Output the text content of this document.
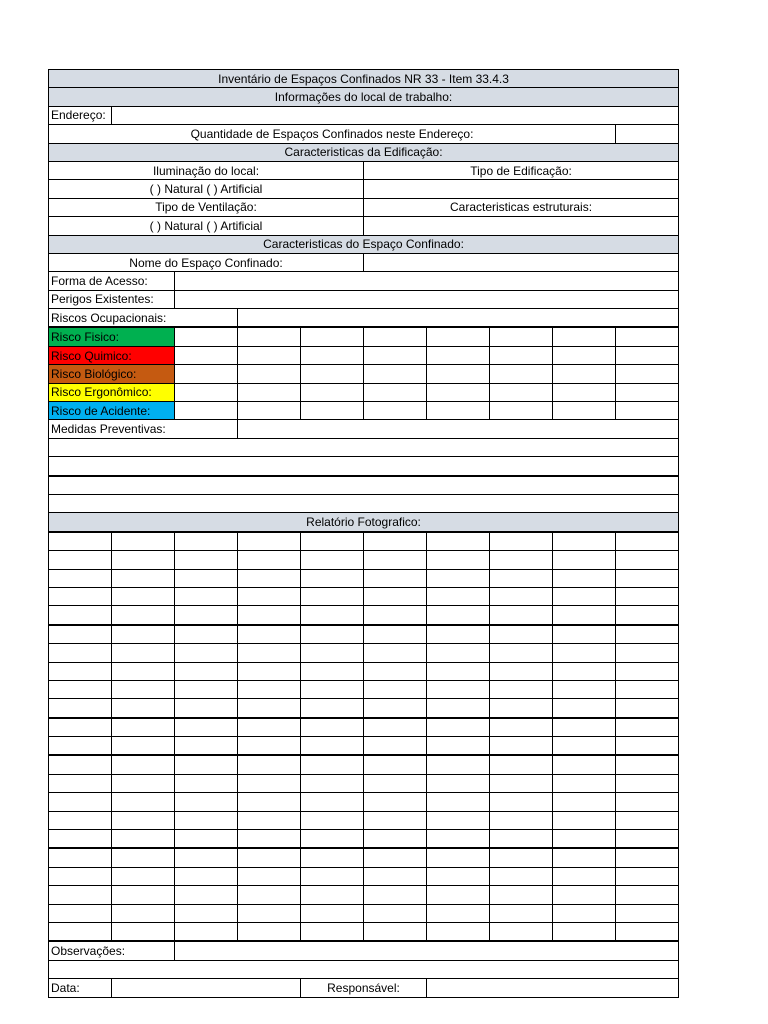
Inventário de Espaços Confinados NR 33 - Item 33.4.3									
Informações do local de trabalho:									
Endereço:									
Quantidade de Espaços Confinados neste Endereço:									
Caracteristicas da Edificação:									
Iluminação do local:					Tipo de Edificação:				
( ) Natural ( ) Artificial									
Tipo de Ventilação:					Caracteristicas estruturais:				
( ) Natural ( ) Artificial									
Caracteristicas do Espaço Confinado:									
Nome do Espaço Confinado:									
Forma de Acesso:									
Perigos Existentes:									
Riscos Ocupacionais:									
Risco Fisico:									
Risco Quimico:									
Risco Biológico:									
Risco Ergonômico:									
Risco de Acidente:									
Medidas Preventivas:									

Relatório Fotografico:									

Observações:									

Data:				Responsável:					
